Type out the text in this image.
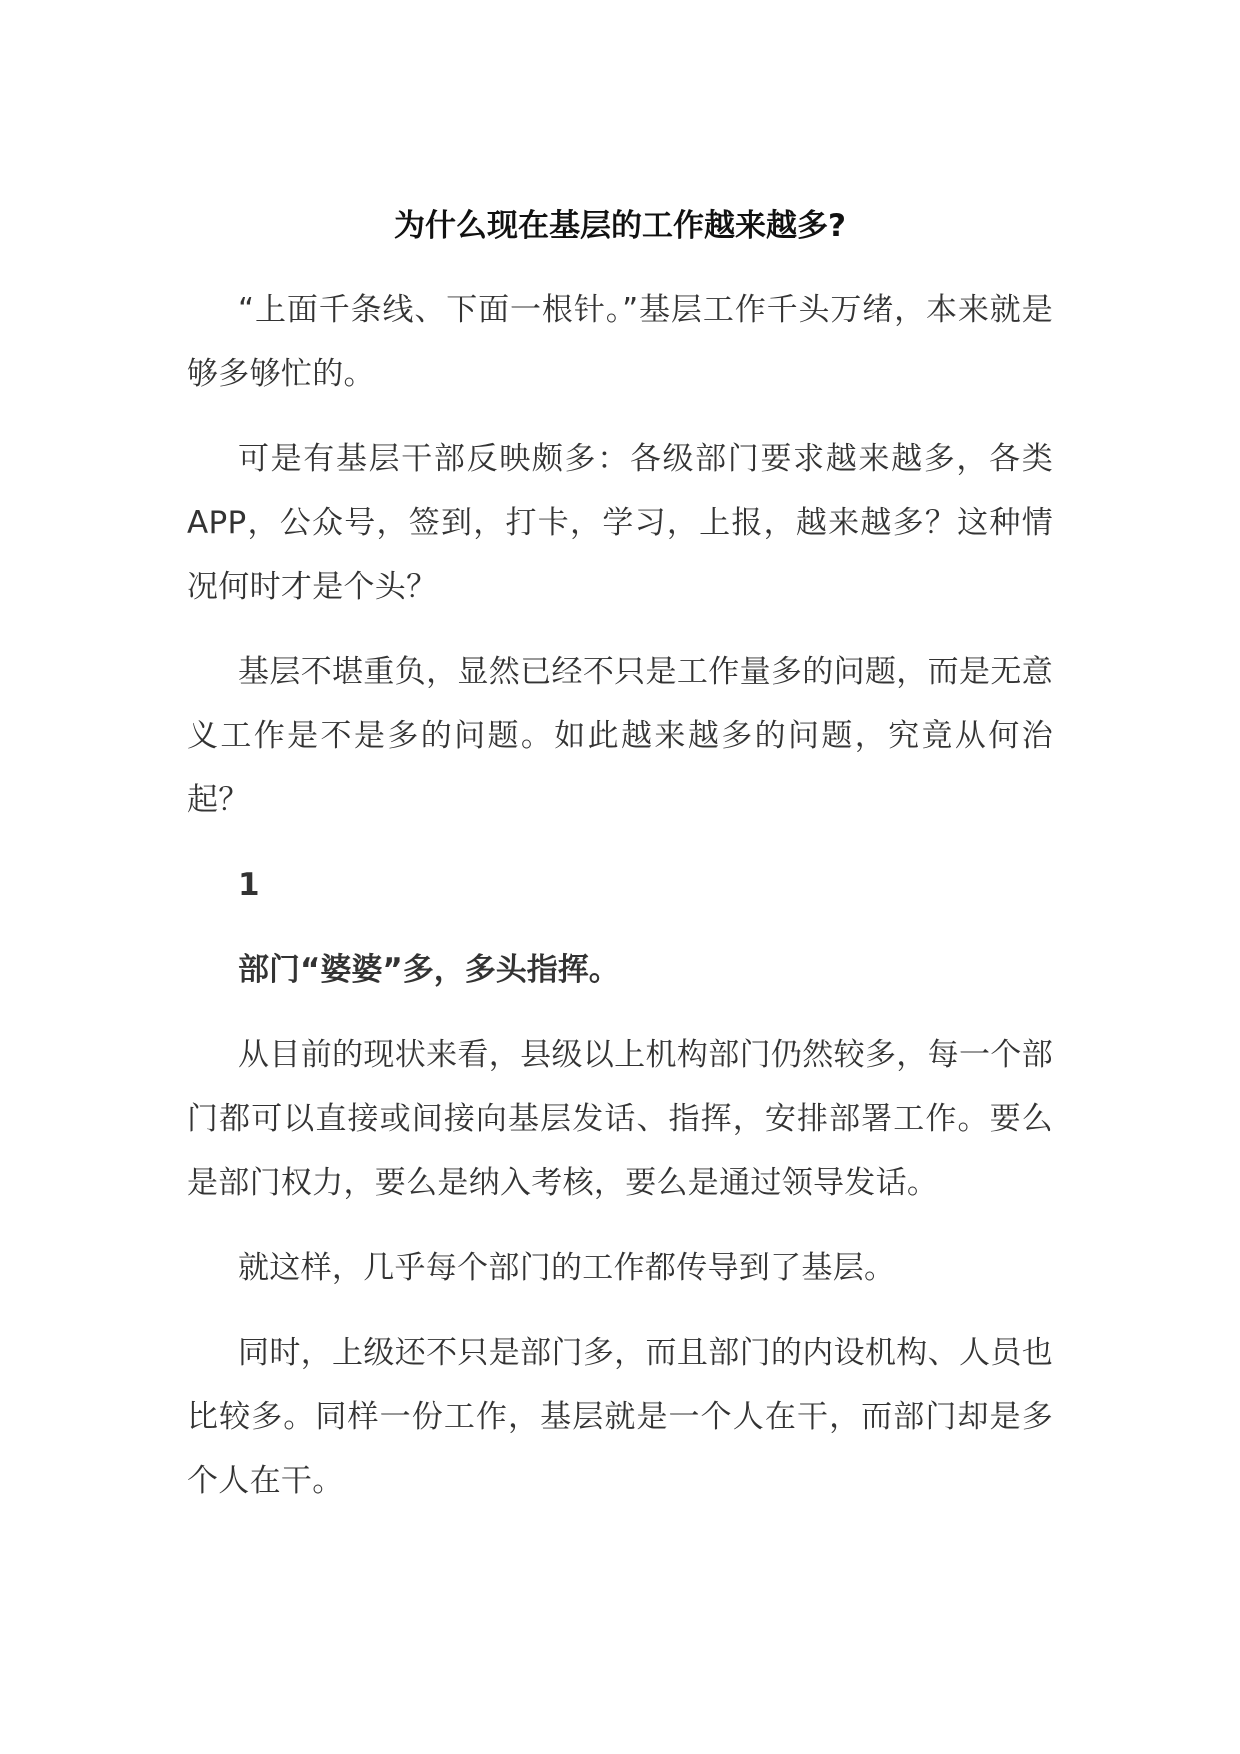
为什么现在基层的工作越来越多?

“上面千条线、下面一根针。”基层工作千头万绪，本来就是够多够忙的。

可是有基层干部反映颇多：各级部门要求越来越多，各类 APP，公众号，签到，打卡，学习，上报，越来越多？这种情况何时才是个头？

基层不堪重负，显然已经不只是工作量多的问题，而是无意义工作是不是多的问题。如此越来越多的问题，究竟从何治起？

1

部门“婆婆”多，多头指挥。

从目前的现状来看，县级以上机构部门仍然较多，每一个部门都可以直接或间接向基层发话、指挥，安排部署工作。要么是部门权力，要么是纳入考核，要么是通过领导发话。

就这样，几乎每个部门的工作都传导到了基层。

同时，上级还不只是部门多，而且部门的内设机构、人员也比较多。同样一份工作，基层就是一个人在干，而部门却是多个人在干。
